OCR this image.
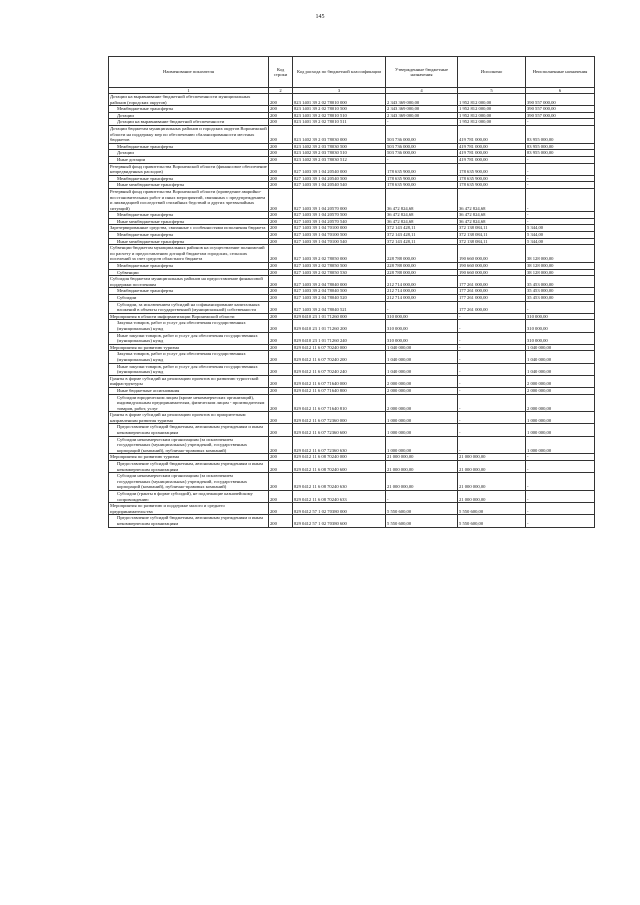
145
Наименование показателя	Код строки	Код расхода по бюджетной классификации	Утвержденные бюджетные назначения	Исполнено	Неисполненные назначения
1	2	3	4	5	6
Дотации на выравнивание бюджетной обеспеченности муниципальных районов (городских округов)	200	823 1401 39 2 02 78010 000	2 343 369 000,00	1 952 812 000,00	390 557 000,00
Межбюджетные трансферты	200	823 1401 39 2 02 78010 500	2 343 369 000,00	1 952 812 000,00	390 557 000,00
Дотации	200	823 1401 39 2 02 78010 510	2 343 369 000,00	1 952 812 000,00	390 557 000,00
Дотации на выравнивание бюджетной обеспеченности	200	823 1401 39 2 02 78010 511	-	1 952 812 000,00	-
Дотации бюджетам муниципальных районов и городских округов Воронежской области на поддержку мер по обеспечению сбалансированности местных бюджетов	200	823 1402 39 2 03 78030 000	503 736 000,00	419 781 000,00	83 955 000,00
Межбюджетные трансферты	200	823 1402 39 2 03 78030 500	503 736 000,00	419 781 000,00	83 955 000,00
Дотации	200	823 1402 39 2 03 78030 510	503 736 000,00	419 781 000,00	83 955 000,00
Иные дотации	200	823 1402 39 2 03 78030 512	-	419 781 000,00	-
Резервный фонд правительства Воронежской области (финансовое обеспечение непредвиденных расходов)	200	827 1403 39 1 04 20540 000	178 635 900,00	178 635 900,00	-
Межбюджетные трансферты	200	827 1403 39 1 04 20540 500	178 635 900,00	178 635 900,00	-
Иные межбюджетные трансферты	200	827 1403 39 1 04 20540 540	178 635 900,00	178 635 900,00	-
Резервный фонд правительства Воронежской области (проведение аварийно-восстановительных работ и иных мероприятий, связанных с предупреждением и ликвидацией последствий стихийных бедствий и других чрезвычайных ситуаций)	200	827 1403 39 1 04 20570 000	36 472 824,68	36 472 824,68	-
Межбюджетные трансферты	200	827 1403 39 1 04 20570 500	36 472 824,68	36 472 824,68	-
Иные межбюджетные трансферты	200	827 1403 39 1 04 20570 540	36 472 824,68	36 472 824,68	-
Зарезервированные средства, связанные с особенностями исполнения бюджета	200	827 1403 39 1 04 70100 000	372 143 428,11	372 138 084,11	5 344,00
Межбюджетные трансферты	200	827 1403 39 1 04 70100 500	372 143 428,11	372 138 084,11	5 344,00
Иные межбюджетные трансферты	200	827 1403 39 1 04 70100 540	372 143 428,11	372 138 084,11	5 344,00
Субвенции бюджетам муниципальных районов на осуществление полномочий по расчету и предоставлению дотаций бюджетам городских, сельских поселений за счет средств областного бюджета	200	827 1403 39 2 02 78050 000	228 788 000,00	190 660 000,00	38 128 000,00
Межбюджетные трансферты	200	827 1403 39 2 02 78050 500	228 788 000,00	190 660 000,00	38 128 000,00
Субвенции	200	827 1403 39 2 02 78050 530	228 788 000,00	190 660 000,00	38 128 000,00
Субсидия бюджетам муниципальных районов на предоставление финансовой поддержки поселениям	200	827 1403 39 2 04 78040 000	212 714 000,00	177 261 000,00	35 453 000,00
Межбюджетные трансферты	200	827 1403 39 2 04 78040 500	212 714 000,00	177 261 000,00	35 453 000,00
Субсидии	200	827 1403 39 2 04 78040 520	212 714 000,00	177 261 000,00	35 453 000,00
Субсидии, за исключением субсидий на софинансирование капитальных вложений в объекты государственной (муниципальной) собственности	200	827 1403 39 2 04 78040 521	-	177 261 000,00	-
Мероприятия в области информатизации Воронежской области	200	829 0410 23 1 01 71260 000	310 000,00	-	310 000,00
Закупка товаров, работ и услуг для обеспечения государственных (муниципальных) нужд	200	829 0410 23 1 01 71260 200	310 000,00	-	310 000,00
Иные закупки товаров, работ и услуг для обеспечения государственных (муниципальных) нужд	200	829 0410 23 1 01 71260 240	310 000,00	-	310 000,00
Мероприятия по развитию туризма	200	829 0412 11 6 07 70240 000	1 040 000,00	-	1 040 000,00
Закупка товаров, работ и услуг для обеспечения государственных (муниципальных) нужд	200	829 0412 11 6 07 70240 200	1 040 000,00	-	1 040 000,00
Иные закупки товаров, работ и услуг для обеспечения государственных (муниципальных) нужд	200	829 0412 11 6 07 70240 240	1 040 000,00	-	1 040 000,00
Гранты в форме субсидий на реализацию проектов по развитию туристской инфраструктуры	200	829 0412 11 6 07 71640 000	2 000 000,00	-	2 000 000,00
Иные бюджетные ассигнования	200	829 0412 11 6 07 71640 800	2 000 000,00	-	2 000 000,00
Субсидии юридическим лицам (кроме некоммерческих организаций), индивидуальным предпринимателям, физическим лицам - производителям товаров, работ, услуг	200	829 0412 11 6 07 71640 810	2 000 000,00	-	2 000 000,00
Гранты в форме субсидий на реализацию проектов по приоритетным направлениям развития туризма	200	829 0412 11 6 07 72360 000	1 000 000,00	-	1 000 000,00
Предоставление субсидий бюджетным, автономным учреждениям и иным некоммерческим организациям	200	829 0412 11 6 07 72360 600	1 000 000,00	-	1 000 000,00
Субсидии некоммерческим организациям (за исключением государственных (муниципальных) учреждений, государственных корпораций (компаний), публично-правовых компаний)	200	829 0412 11 6 07 72360 630	1 000 000,00	-	1 000 000,00
Мероприятия по развитию туризма	200	829 0412 11 6 08 70240 000	21 000 000,00	21 000 000,00	-
Предоставление субсидий бюджетным, автономным учреждениям и иным некоммерческим организациям	200	829 0412 11 6 08 70240 600	21 000 000,00	21 000 000,00	-
Субсидии некоммерческим организациям (за исключением государственных (муниципальных) учреждений, государственных корпораций (компаний), публично-правовых компаний)	200	829 0412 11 6 08 70240 630	21 000 000,00	21 000 000,00	-
Субсидии (гранты в форме субсидий), не подлежащие казначейскому сопровождению	200	829 0412 11 6 08 70240 633	-	21 000 000,00	-
Мероприятия по развитию и поддержке малого и среднего предпринимательства	200	829 0412 57 1 02 70380 000	5 550 600,00	5 550 600,00	-
Предоставление субсидий бюджетным, автономным учреждениям и иным некоммерческим организациям	200	829 0412 57 1 02 70380 600	5 550 600,00	5 550 600,00	-
